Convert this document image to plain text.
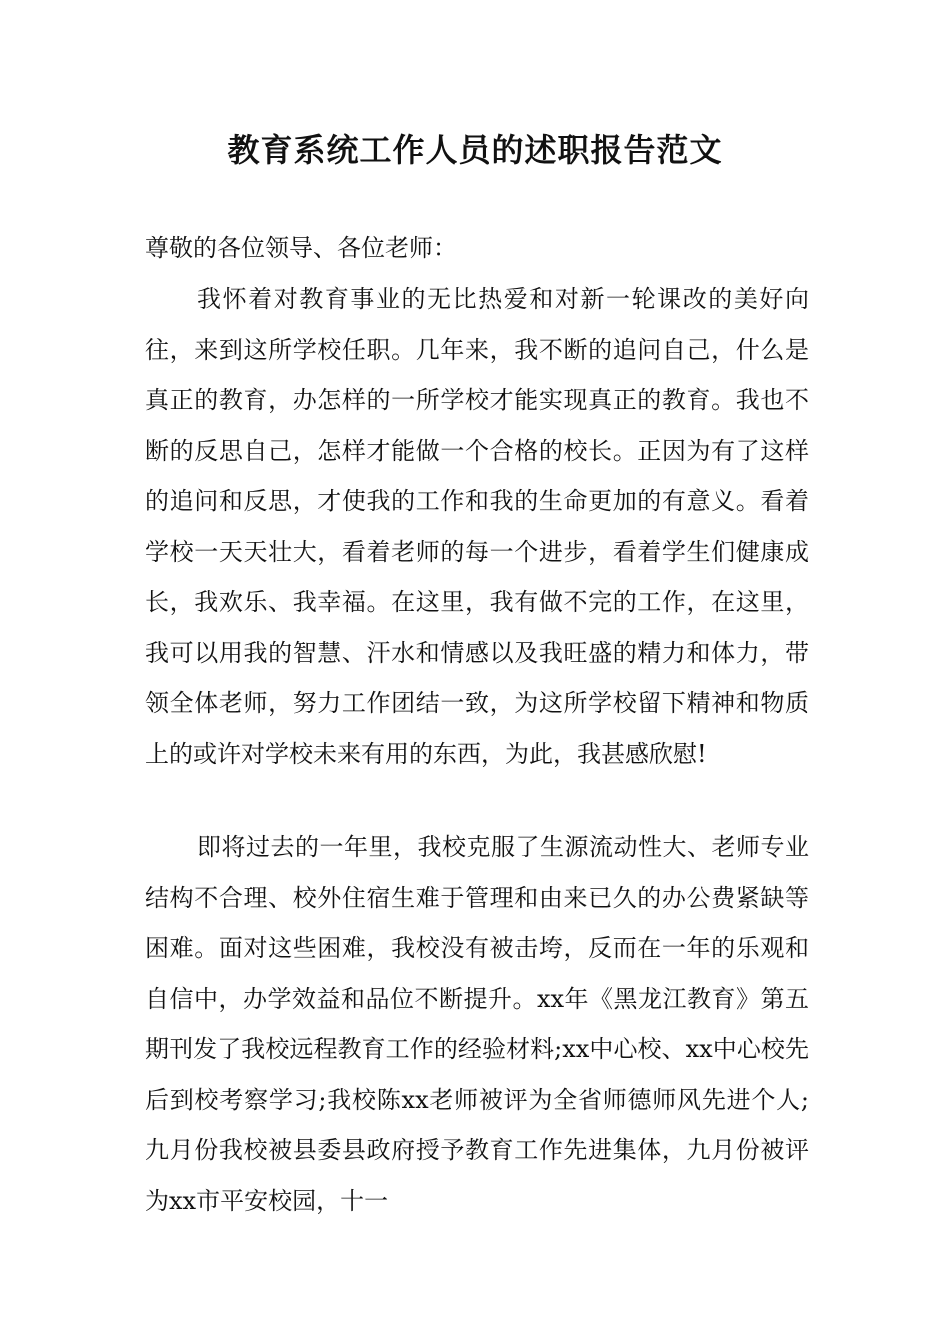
教育系统工作人员的述职报告范文

尊敬的各位领导、各位老师：

我怀着对教育事业的无比热爱和对新一轮课改的美好向往，来到这所学校任职。几年来，我不断的追问自己，什么是真正的教育，办怎样的一所学校才能实现真正的教育。我也不断的反思自己，怎样才能做一个合格的校长。正因为有了这样的追问和反思，才使我的工作和我的生命更加的有意义。看着学校一天天壮大，看着老师的每一个进步，看着学生们健康成长，我欢乐、我幸福。在这里，我有做不完的工作，在这里，我可以用我的智慧、汗水和情感以及我旺盛的精力和体力，带领全体老师，努力工作团结一致，为这所学校留下精神和物质上的或许对学校未来有用的东西，为此，我甚感欣慰!

即将过去的一年里，我校克服了生源流动性大、老师专业结构不合理、校外住宿生难于管理和由来已久的办公费紧缺等困难。面对这些困难，我校没有被击垮，反而在一年的乐观和自信中，办学效益和品位不断提升。xx年《黑龙江教育》第五期刊发了我校远程教育工作的经验材料;xx中心校、xx中心校先后到校考察学习;我校陈xx老师被评为全省师德师风先进个人;九月份我校被县委县政府授予教育工作先进集体，九月份被评为xx市平安校园，十一
